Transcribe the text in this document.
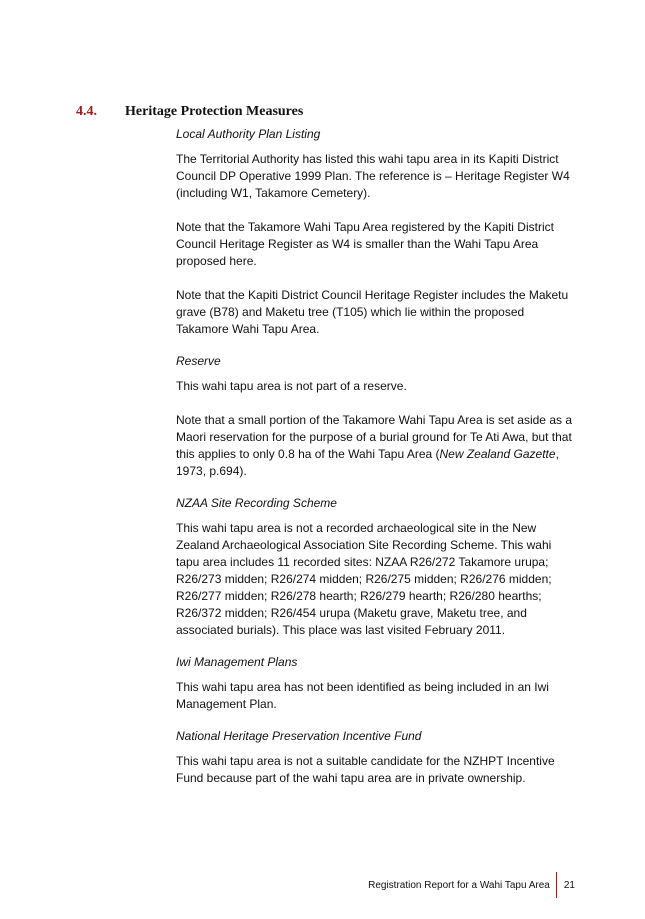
4.4. Heritage Protection Measures

Local Authority Plan Listing

The Territorial Authority has listed this wahi tapu area in its Kapiti District Council DP Operative 1999 Plan. The reference is – Heritage Register W4 (including W1, Takamore Cemetery).

Note that the Takamore Wahi Tapu Area registered by the Kapiti District Council Heritage Register as W4 is smaller than the Wahi Tapu Area proposed here.

Note that the Kapiti District Council Heritage Register includes the Maketu grave (B78) and Maketu tree (T105) which lie within the proposed Takamore Wahi Tapu Area.

Reserve

This wahi tapu area is not part of a reserve.

Note that a small portion of the Takamore Wahi Tapu Area is set aside as a Maori reservation for the purpose of a burial ground for Te Ati Awa, but that this applies to only 0.8 ha of the Wahi Tapu Area (New Zealand Gazette, 1973, p.694).

NZAA Site Recording Scheme

This wahi tapu area is not a recorded archaeological site in the New Zealand Archaeological Association Site Recording Scheme. This wahi tapu area includes 11 recorded sites: NZAA R26/272 Takamore urupa; R26/273 midden; R26/274 midden; R26/275 midden; R26/276 midden; R26/277 midden; R26/278 hearth; R26/279 hearth; R26/280 hearths; R26/372 midden; R26/454 urupa (Maketu grave, Maketu tree, and associated burials). This place was last visited February 2011.

Iwi Management Plans

This wahi tapu area has not been identified as being included in an Iwi Management Plan.

National Heritage Preservation Incentive Fund

This wahi tapu area is not a suitable candidate for the NZHPT Incentive Fund because part of the wahi tapu area are in private ownership.

Registration Report for a Wahi Tapu Area 21
